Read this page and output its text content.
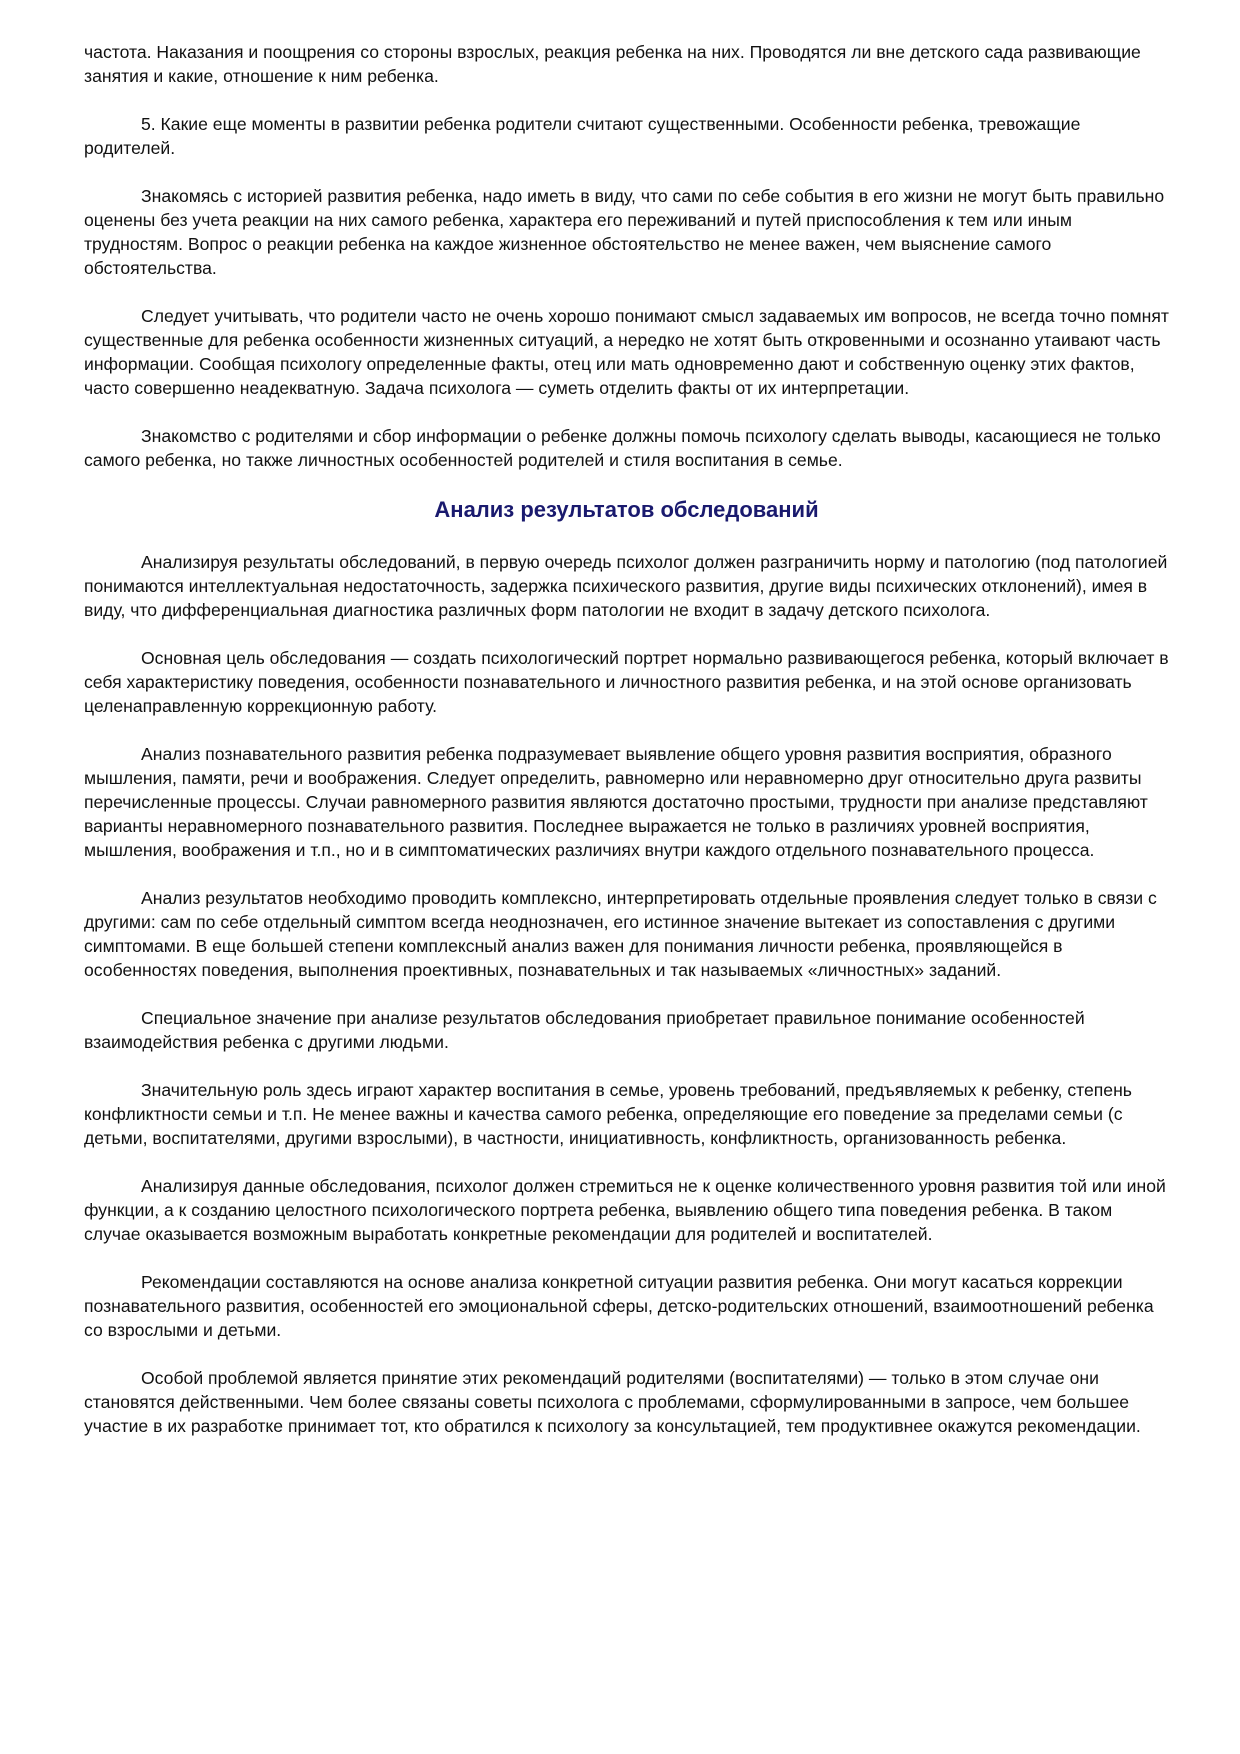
частота. Наказания и поощрения со стороны взрослых, реакция ребенка на них. Проводятся ли вне детского сада развивающие занятия и какие, отношение к ним ребенка.

5. Какие еще моменты в развитии ребенка родители считают существенными. Особенности ребенка, тревожащие родителей.

Знакомясь с историей развития ребенка, надо иметь в виду, что сами по себе события в его жизни не могут быть правильно оценены без учета реакции на них самого ребенка, характера его переживаний и путей приспособления к тем или иным трудностям. Вопрос о реакции ребенка на каждое жизненное обстоятельство не менее важен, чем выяснение самого обстоятельства.

Следует учитывать, что родители часто не очень хорошо понимают смысл задаваемых им вопросов, не всегда точно помнят существенные для ребенка особенности жизненных ситуаций, а нередко не хотят быть откровенными и осознанно утаивают часть информации. Сообщая психологу определенные факты, отец или мать одновременно дают и собственную оценку этих фактов, часто совершенно неадекватную. Задача психолога — суметь отделить факты от их интерпретации.

Знакомство с родителями и сбор информации о ребенке должны помочь психологу сделать выводы, касающиеся не только самого ребенка, но также личностных особенностей родителей и стиля воспитания в семье.

Анализ результатов обследований

Анализируя результаты обследований, в первую очередь психолог должен разграничить норму и патологию (под патологией понимаются интеллектуальная недостаточность, задержка психического развития, другие виды психических отклонений), имея в виду, что дифференциальная диагностика различных форм патологии не входит в задачу детского психолога.

Основная цель обследования — создать психологический портрет нормально развивающегося ребенка, который включает в себя характеристику поведения, особенности познавательного и личностного развития ребенка, и на этой основе организовать целенаправленную коррекционную работу.

Анализ познавательного развития ребенка подразумевает выявление общего уровня развития восприятия, образного мышления, памяти, речи и воображения. Следует определить, равномерно или неравномерно друг относительно друга развиты перечисленные процессы. Случаи равномерного развития являются достаточно простыми, трудности при анализе представляют варианты неравномерного познавательного развития. Последнее выражается не только в различиях уровней восприятия, мышления, воображения и т.п., но и в симптоматических различиях внутри каждого отдельного познавательного процесса.

Анализ результатов необходимо проводить комплексно, интерпретировать отдельные проявления следует только в связи с другими: сам по себе отдельный симптом всегда неоднозначен, его истинное значение вытекает из сопоставления с другими симптомами. В еще большей степени комплексный анализ важен для понимания личности ребенка, проявляющейся в особенностях поведения, выполнения проективных, познавательных и так называемых «личностных» заданий.

Специальное значение при анализе результатов обследования приобретает правильное понимание особенностей взаимодействия ребенка с другими людьми.

Значительную роль здесь играют характер воспитания в семье, уровень требований, предъявляемых к ребенку, степень конфликтности семьи и т.п. Не менее важны и качества самого ребенка, определяющие его поведение за пределами семьи (с детьми, воспитателями, другими взрослыми), в частности, инициативность, конфликтность, организованность ребенка.

Анализируя данные обследования, психолог должен стремиться не к оценке количественного уровня развития той или иной функции, а к созданию целостного психологического портрета ребенка, выявлению общего типа поведения ребенка. В таком случае оказывается возможным выработать конкретные рекомендации для родителей и воспитателей.

Рекомендации составляются на основе анализа конкретной ситуации развития ребенка. Они могут касаться коррекции познавательного развития, особенностей его эмоциональной сферы, детско-родительских отношений, взаимоотношений ребенка со взрослыми и детьми.

Особой проблемой является принятие этих рекомендаций родителями (воспитателями) — только в этом случае они становятся действенными. Чем более связаны советы психолога с проблемами, сформулированными в запросе, чем большее участие в их разработке принимает тот, кто обратился к психологу за консультацией, тем продуктивнее окажутся рекомендации.
